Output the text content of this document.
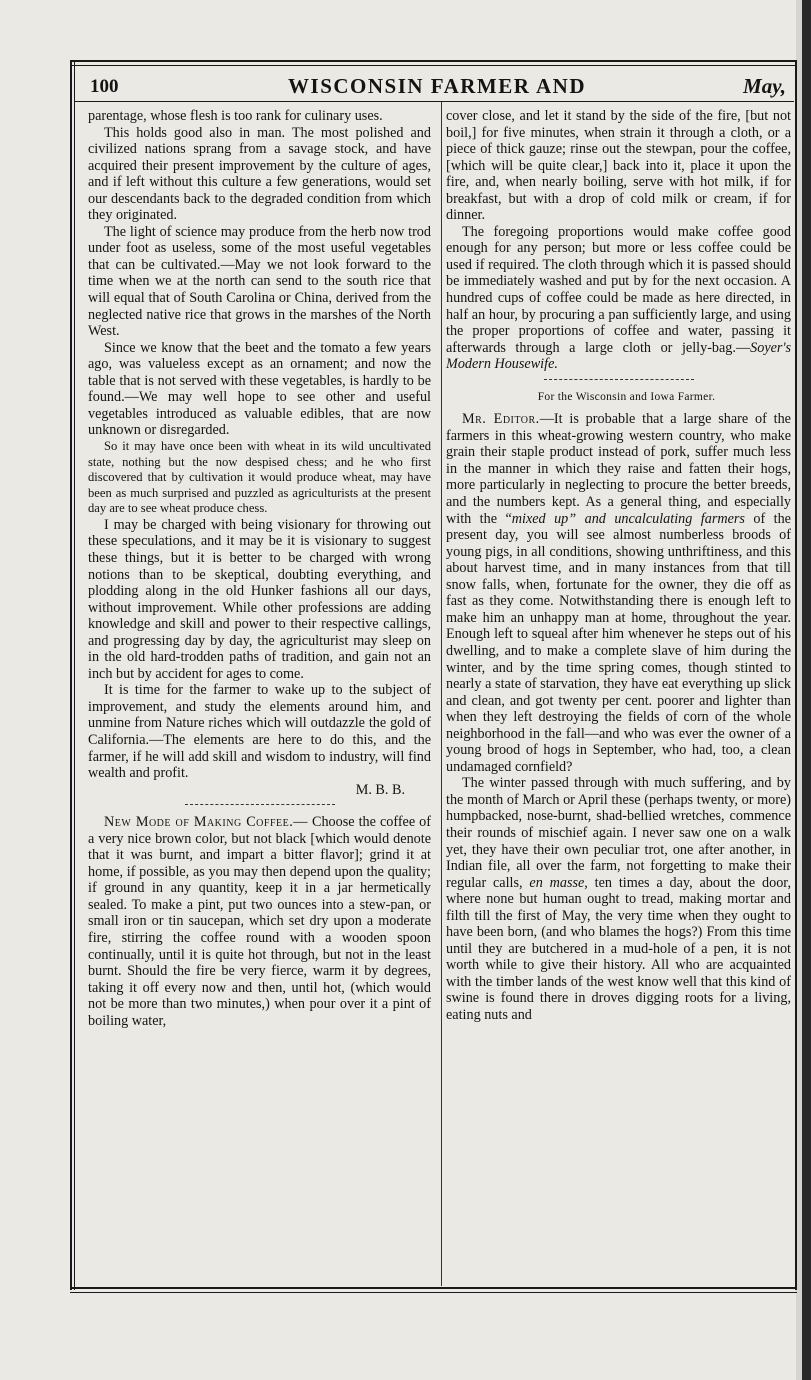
100	WISCONSIN FARMER AND	May,

parentage, whose flesh is too rank for culinary uses.

This holds good also in man. The most polished and civilized nations sprang from a savage stock, and have acquired their present improvement by the culture of ages, and if left without this culture a few generations, would set our descendants back to the degraded condition from which they originated.

The light of science may produce from the herb now trod under foot as useless, some of the most useful vegetables that can be cultivated.—May we not look forward to the time when we at the north can send to the south rice that will equal that of South Carolina or China, derived from the neglected native rice that grows in the marshes of the North West.

Since we know that the beet and the tomato a few years ago, was valueless except as an ornament; and now the table that is not served with these vegetables, is hardly to be found.—We may well hope to see other and useful vegetables introduced as valuable edibles, that are now unknown or disregarded.

So it may have once been with wheat in its wild uncultivated state, nothing but the now despised chess; and he who first discovered that by cultivation it would produce wheat, may have been as much surprised and puzzled as agriculturists at the present day are to see wheat produce chess.

I may be charged with being visionary for throwing out these speculations, and it may be it is visionary to suggest these things, but it is better to be charged with wrong notions than to be skeptical, doubting everything, and plodding along in the old Hunker fashions all our days, without improvement. While other professions are adding knowledge and skill and power to their respective callings, and progressing day by day, the agriculturist may sleep on in the old hard-trodden paths of tradition, and gain not an inch but by accident for ages to come.

It is time for the farmer to wake up to the subject of improvement, and study the elements around him, and unmine from Nature riches which will outdazzle the gold of California.—The elements are here to do this, and the farmer, if he will add skill and wisdom to industry, will find wealth and profit.

M. B. B.

New Mode of Making Coffee.— Choose the coffee of a very nice brown color, but not black [which would denote that it was burnt, and impart a bitter flavor]; grind it at home, if possible, as you may then depend upon the quality; if ground in any quantity, keep it in a jar hermetically sealed. To make a pint, put two ounces into a stew-pan, or small iron or tin saucepan, which set dry upon a moderate fire, stirring the coffee round with a wooden spoon continually, until it is quite hot through, but not in the least burnt. Should the fire be very fierce, warm it by degrees, taking it off every now and then, until hot, (which would not be more than two minutes,) when pour over it a pint of boiling water,

cover close, and let it stand by the side of the fire, [but not boil,] for five minutes, when strain it through a cloth, or a piece of thick gauze; rinse out the stewpan, pour the coffee, [which will be quite clear,] back into it, place it upon the fire, and, when nearly boiling, serve with hot milk, if for breakfast, but with a drop of cold milk or cream, if for dinner.

The foregoing proportions would make coffee good enough for any person; but more or less coffee could be used if required. The cloth through which it is passed should be immediately washed and put by for the next occasion. A hundred cups of coffee could be made as here directed, in half an hour, by procuring a pan sufficiently large, and using the proper proportions of coffee and water, passing it afterwards through a large cloth or jelly-bag.—Soyer's Modern Housewife.

For the Wisconsin and Iowa Farmer.

Mr. Editor.—It is probable that a large share of the farmers in this wheat-growing western country, who make grain their staple product instead of pork, suffer much less in the manner in which they raise and fatten their hogs, more particularly in neglecting to procure the better breeds, and the numbers kept. As a general thing, and especially with the “mixed up” and uncalculating farmers of the present day, you will see almost numberless broods of young pigs, in all conditions, showing unthriftiness, and this about harvest time, and in many instances from that till snow falls, when, fortunate for the owner, they die off as fast as they come. Notwithstanding there is enough left to make him an unhappy man at home, throughout the year. Enough left to squeal after him whenever he steps out of his dwelling, and to make a complete slave of him during the winter, and by the time spring comes, though stinted to nearly a state of starvation, they have eat everything up slick and clean, and got twenty per cent. poorer and lighter than when they left destroying the fields of corn of the whole neighborhood in the fall—and who was ever the owner of a young brood of hogs in September, who had, too, a clean undamaged cornfield?

The winter passed through with much suffering, and by the month of March or April these (perhaps twenty, or more) humpbacked, nose-burnt, shad-bellied wretches, commence their rounds of mischief again. I never saw one on a walk yet, they have their own peculiar trot, one after another, in Indian file, all over the farm, not forgetting to make their regular calls, en masse, ten times a day, about the door, where none but human ought to tread, making mortar and filth till the first of May, the very time when they ought to have been born, (and who blames the hogs?) From this time until they are butchered in a mud-hole of a pen, it is not worth while to give their history. All who are acquainted with the timber lands of the west know well that this kind of swine is found there in droves digging roots for a living, eating nuts and
